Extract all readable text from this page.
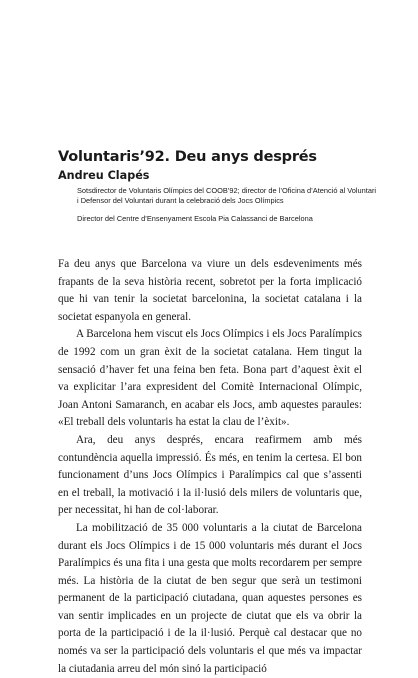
Voluntaris’92. Deu anys després
Andreu Clapés

Sotsdirector de Voluntaris Olímpics del COOB’92; director de l’Oficina d’Atenció al Voluntari i Defensor del Voluntari durant la celebració dels Jocs Olímpics

Director del Centre d’Ensenyament Escola Pia Calassanci de Barcelona

Fa deu anys que Barcelona va viure un dels esdeveniments més frapants de la seva història recent, sobretot per la forta implicació que hi van tenir la societat barcelonina, la societat catalana i la societat espanyola en general.

A Barcelona hem viscut els Jocs Olímpics i els Jocs Paralímpics de 1992 com un gran èxit de la societat catalana. Hem tingut la sensació d’haver fet una feina ben feta. Bona part d’aquest èxit el va explicitar l’ara expresident del Comitè Internacional Olímpic, Joan Antoni Samaranch, en acabar els Jocs, amb aquestes paraules: «El treball dels voluntaris ha estat la clau de l’èxit».

Ara, deu anys després, encara reafirmem amb més contundència aquella impressió. És més, en tenim la certesa. El bon funcionament d’uns Jocs Olímpics i Paralímpics cal que s’assenti en el treball, la motivació i la il·lusió dels milers de voluntaris que, per necessitat, hi han de col·laborar.

La mobilització de 35 000 voluntaris a la ciutat de Barcelona durant els Jocs Olímpics i de 15 000 voluntaris més durant el Jocs Paralímpics és una fita i una gesta que molts recordarem per sempre més. La història de la ciutat de ben segur que serà un testimoni permanent de la participació ciutadana, quan aquestes persones es van sentir implicades en un projecte de ciutat que els va obrir la porta de la participació i de la il·lusió. Perquè cal destacar que no només va ser la participació dels voluntaris el que més va impactar la ciutadania arreu del món sinó la participació
